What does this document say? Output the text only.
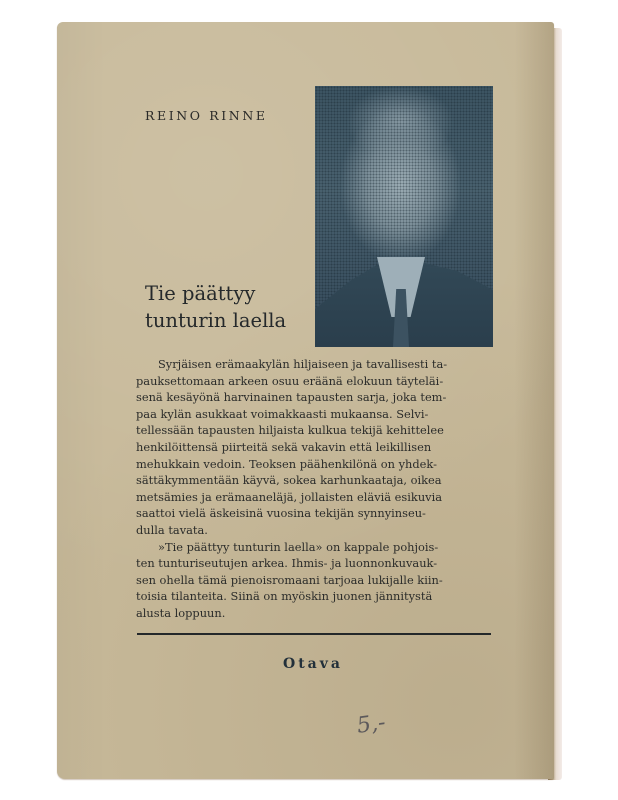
REINO RINNE
Tie päättyy
tunturin laella
Syrjäisen erämaakylän hiljaiseen ja tavallisesti ta-
pauksettomaan arkeen osuu eräänä elokuun täyteläi-
senä kesäyönä harvinainen tapausten sarja, joka tem-
paa kylän asukkaat voimakkaasti mukaansa. Selvi-
tellessään tapausten hiljaista kulkua tekijä kehittelee
henkilöittensä piirteitä sekä vakavin että leikillisen
mehukkain vedoin. Teoksen päähenkilönä on yhdek-
sättäkymmentään käyvä, sokea karhunkaataja, oikea
metsämies ja erämaaneläjä, jollaisten eläviä esikuvia
saattoi vielä äskeisinä vuosina tekijän synnyinseu-
dulla tavata.
»Tie päättyy tunturin laella» on kappale pohjois-
ten tunturiseutujen arkea. Ihmis- ja luonnonkuvauk-
sen ohella tämä pienoisromaani tarjoaa lukijalle kiin-
toisia tilanteita. Siinä on myöskin juonen jännitystä
alusta loppuun.
Otava
5,-
